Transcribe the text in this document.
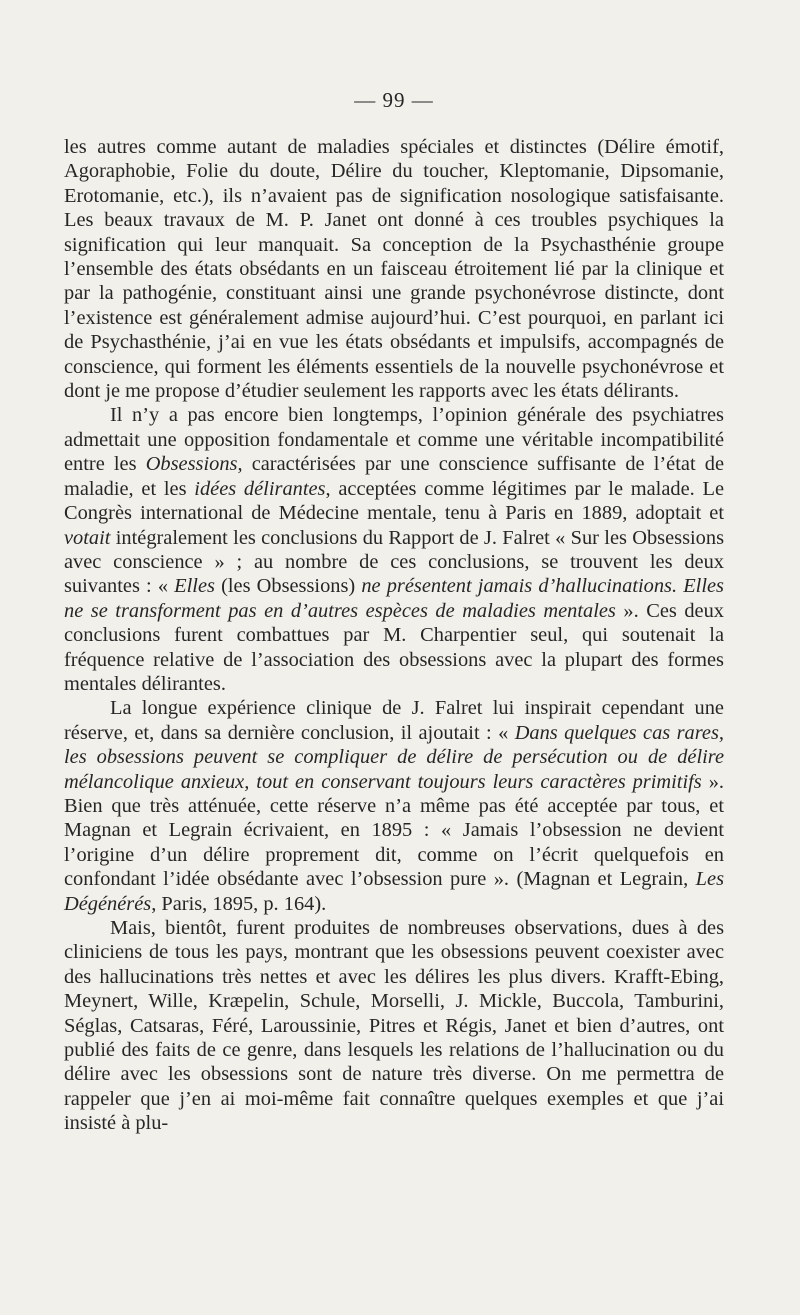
— 99 —

les autres comme autant de maladies spéciales et distinctes (Délire émotif, Agoraphobie, Folie du doute, Délire du toucher, Kleptomanie, Dipsomanie, Erotomanie, etc.), ils n’avaient pas de signification nosologique satisfaisante. Les beaux travaux de M. P. Janet ont donné à ces troubles psychiques la signification qui leur manquait. Sa conception de la Psychasthénie groupe l’ensemble des états obsédants en un faisceau étroitement lié par la clinique et par la pathogénie, constituant ainsi une grande psychonévrose distincte, dont l’existence est généralement admise aujourd’hui. C’est pourquoi, en parlant ici de Psychasthénie, j’ai en vue les états obsédants et impulsifs, accompagnés de conscience, qui forment les éléments essentiels de la nouvelle psychonévrose et dont je me propose d’étudier seulement les rapports avec les états délirants.

Il n’y a pas encore bien longtemps, l’opinion générale des psychiatres admettait une opposition fondamentale et comme une véritable incompatibilité entre les Obsessions, caractérisées par une conscience suffisante de l’état de maladie, et les idées délirantes, acceptées comme légitimes par le malade. Le Congrès international de Médecine mentale, tenu à Paris en 1889, adoptait et votait intégralement les conclusions du Rapport de J. Falret « Sur les Obsessions avec conscience » ; au nombre de ces conclusions, se trouvent les deux suivantes : « Elles (les Obsessions) ne présentent jamais d’hallucinations. Elles ne se transforment pas en d’autres espèces de maladies mentales ». Ces deux conclusions furent combattues par M. Charpentier seul, qui soutenait la fréquence relative de l’association des obsessions avec la plupart des formes mentales délirantes.

La longue expérience clinique de J. Falret lui inspirait cependant une réserve, et, dans sa dernière conclusion, il ajoutait : « Dans quelques cas rares, les obsessions peuvent se compliquer de délire de persécution ou de délire mélancolique anxieux, tout en conservant toujours leurs caractères primitifs ». Bien que très atténuée, cette réserve n’a même pas été acceptée par tous, et Magnan et Legrain écrivaient, en 1895 : « Jamais l’obsession ne devient l’origine d’un délire proprement dit, comme on l’écrit quelquefois en confondant l’idée obsédante avec l’obsession pure ». (Magnan et Legrain, Les Dégénérés, Paris, 1895, p. 164).

Mais, bientôt, furent produites de nombreuses observations, dues à des cliniciens de tous les pays, montrant que les obsessions peuvent coexister avec des hallucinations très nettes et avec les délires les plus divers. Krafft-Ebing, Meynert, Wille, Kræpelin, Schule, Morselli, J. Mickle, Buccola, Tamburini, Séglas, Catsaras, Féré, Laroussinie, Pitres et Régis, Janet et bien d’autres, ont publié des faits de ce genre, dans lesquels les relations de l’hallucination ou du délire avec les obsessions sont de nature très diverse. On me permettra de rappeler que j’en ai moi-même fait connaître quelques exemples et que j’ai insisté à plu-
